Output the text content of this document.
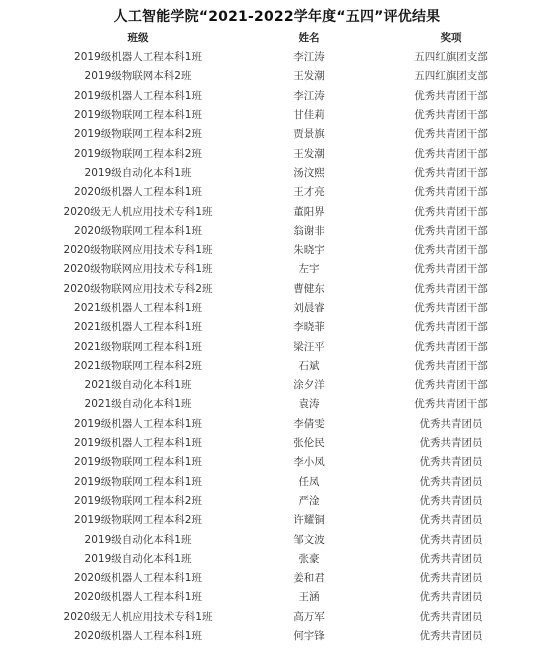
人工智能学院“2021-2022学年度“五四”评优结果
班级	姓名	奖项
2019级机器人工程本科1班	李江涛	五四红旗团支部
2019级物联网本科2班	王发潮	五四红旗团支部
2019级机器人工程本科1班	李江涛	优秀共青团干部
2019级物联网工程本科1班	甘佳莉	优秀共青团干部
2019级物联网工程本科2班	贾景旗	优秀共青团干部
2019级物联网工程本科2班	王发潮	优秀共青团干部
2019级自动化本科1班	汤汶熙	优秀共青团干部
2020级机器人工程本科1班	王才亮	优秀共青团干部
2020级无人机应用技术专科1班	董阳界	优秀共青团干部
2020级物联网工程本科1班	翁谢非	优秀共青团干部
2020级物联网应用技术专科1班	朱晓宇	优秀共青团干部
2020级物联网应用技术专科1班	左宇	优秀共青团干部
2020级物联网应用技术专科2班	曹健东	优秀共青团干部
2021级机器人工程本科1班	刘晨睿	优秀共青团干部
2021级机器人工程本科1班	李晓菲	优秀共青团干部
2021级物联网工程本科1班	梁汪平	优秀共青团干部
2021级物联网工程本科2班	石斌	优秀共青团干部
2021级自动化本科1班	涂夕洋	优秀共青团干部
2021级自动化本科1班	袁涛	优秀共青团干部
2019级机器人工程本科1班	李倩雯	优秀共青团员
2019级机器人工程本科1班	张伦民	优秀共青团员
2019级物联网工程本科1班	李小凤	优秀共青团员
2019级物联网工程本科1班	任凤	优秀共青团员
2019级物联网工程本科2班	严淦	优秀共青团员
2019级物联网工程本科2班	许耀铜	优秀共青团员
2019级自动化本科1班	邹文波	优秀共青团员
2019级自动化本科1班	张豪	优秀共青团员
2020级机器人工程本科1班	姜和君	优秀共青团员
2020级机器人工程本科1班	王涵	优秀共青团员
2020级无人机应用技术专科1班	高万军	优秀共青团员
2020级机器人工程本科1班	何宇锋	优秀共青团员
